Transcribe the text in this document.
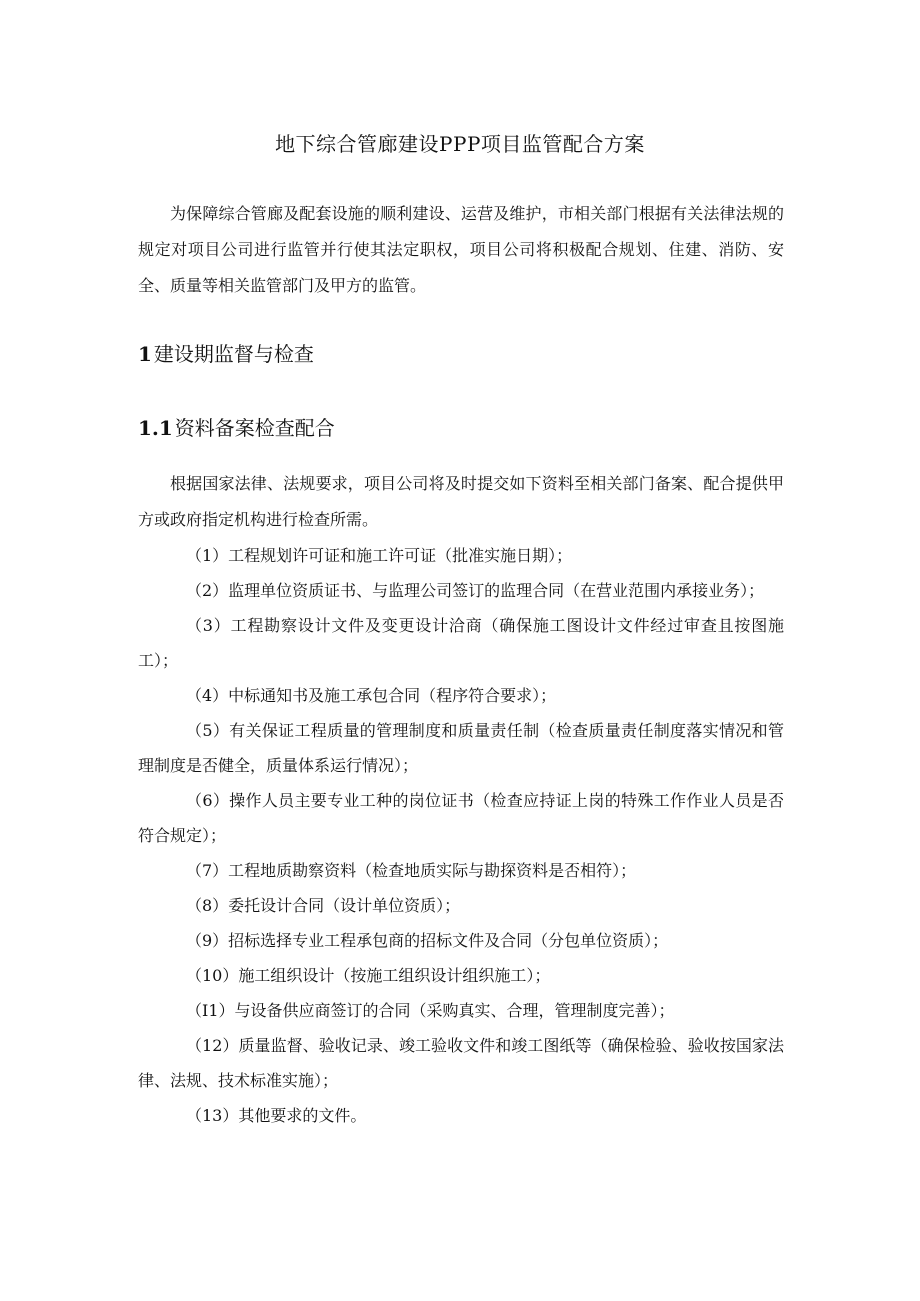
地下综合管廊建设PPP项目监管配合方案

为保障综合管廊及配套设施的顺利建设、运营及维护，市相关部门根据有关法律法规的规定对项目公司进行监管并行使其法定职权，项目公司将积极配合规划、住建、消防、安全、质量等相关监管部门及甲方的监管。

1 建设期监督与检查
1.1 资料备案检查配合

根据国家法律、法规要求，项目公司将及时提交如下资料至相关部门备案、配合提供甲方或政府指定机构进行检查所需。

（1）工程规划许可证和施工许可证（批准实施日期）；

（2）监理单位资质证书、与监理公司签订的监理合同（在营业范围内承接业务）；

（3）工程勘察设计文件及变更设计洽商（确保施工图设计文件经过审查且按图施工）；

（4）中标通知书及施工承包合同（程序符合要求）；

（5）有关保证工程质量的管理制度和质量责任制（检查质量责任制度落实情况和管理制度是否健全，质量体系运行情况）；

（6）操作人员主要专业工种的岗位证书（检查应持证上岗的特殊工作作业人员是否符合规定）；

（7）工程地质勘察资料（检查地质实际与勘探资料是否相符）；

（8）委托设计合同（设计单位资质）；

（9）招标选择专业工程承包商的招标文件及合同（分包单位资质）；

（10）施工组织设计（按施工组织设计组织施工）；

（I1）与设备供应商签订的合同（采购真实、合理，管理制度完善）；

（12）质量监督、验收记录、竣工验收文件和竣工图纸等（确保检验、验收按国家法律、法规、技术标准实施）；

（13）其他要求的文件。
